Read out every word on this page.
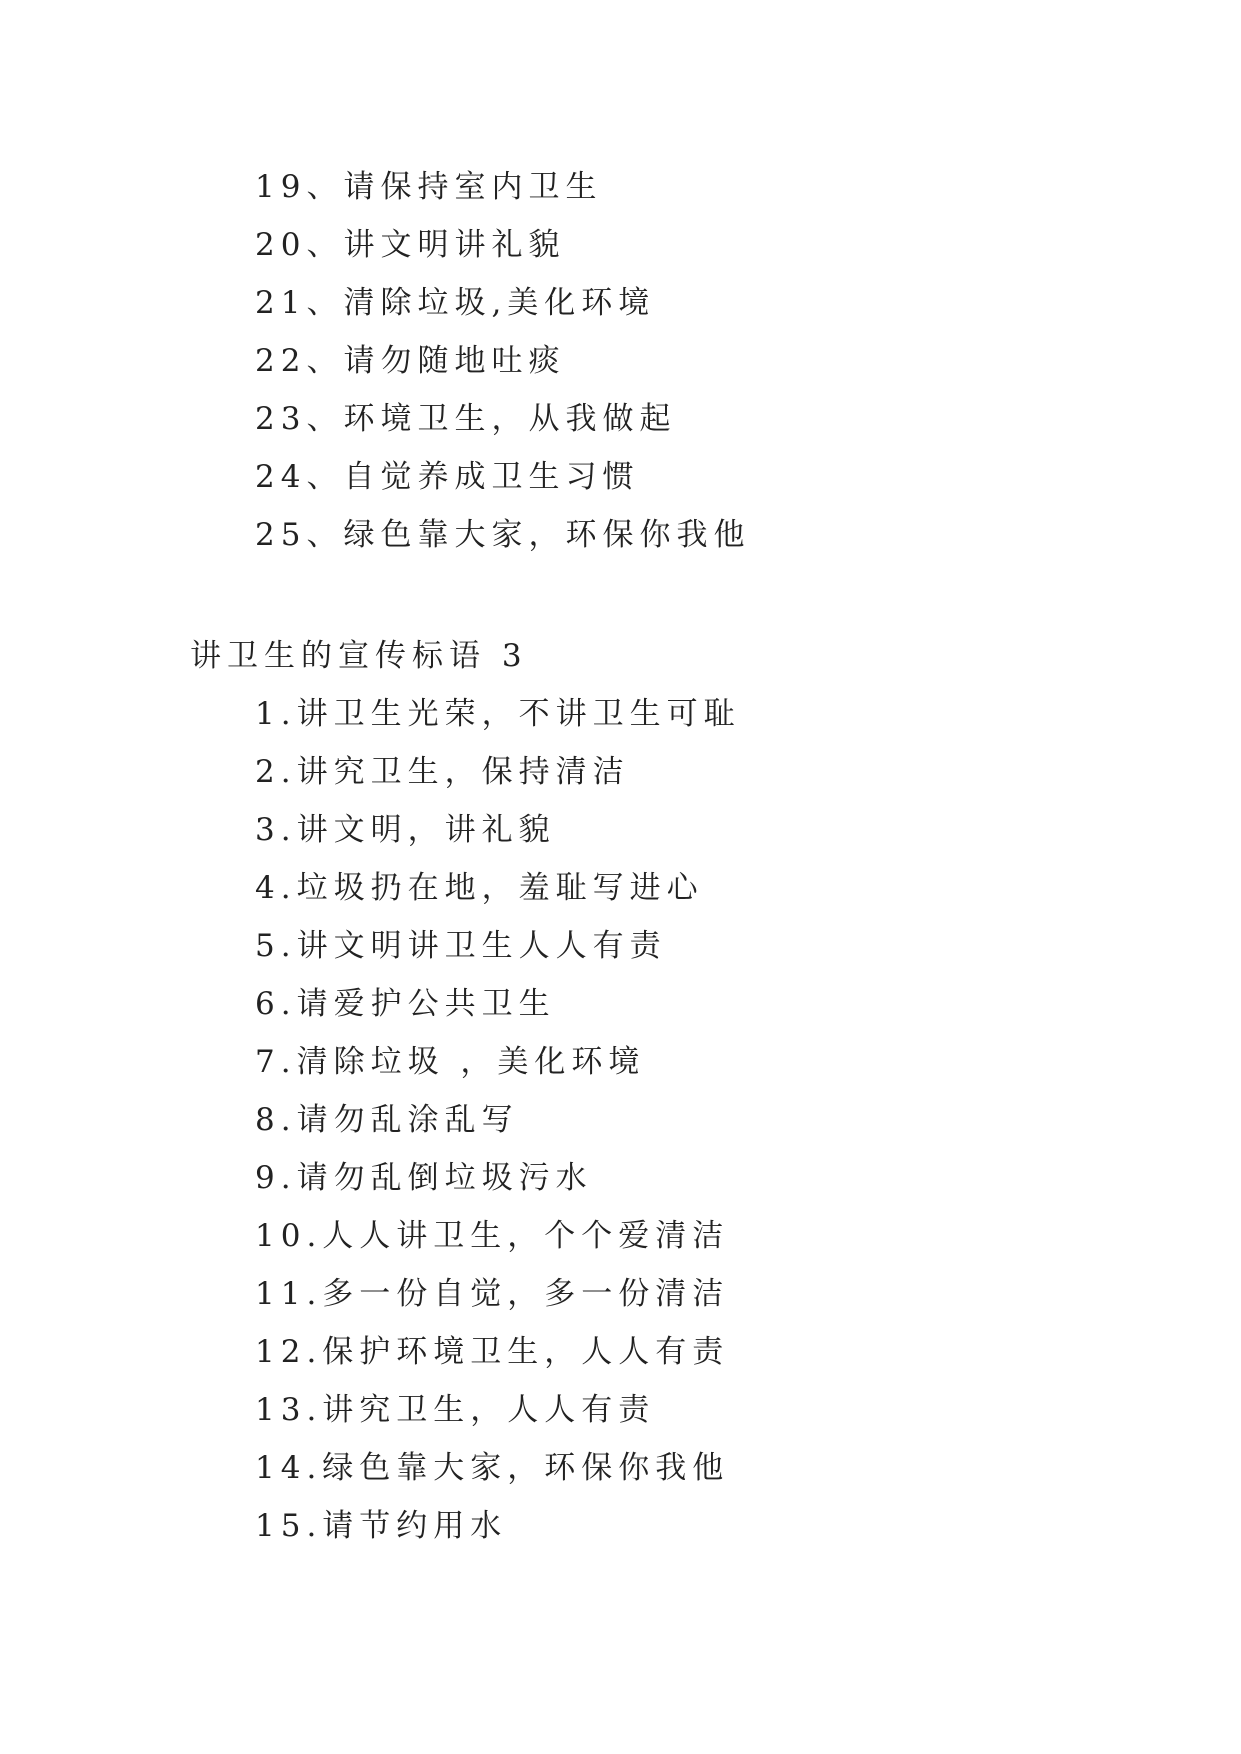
19、请保持室内卫生
20、讲文明讲礼貌
21、清除垃圾,美化环境
22、请勿随地吐痰
23、环境卫生，从我做起
24、自觉养成卫生习惯
25、绿色靠大家，环保你我他
讲卫生的宣传标语 3
1.讲卫生光荣，不讲卫生可耻
2.讲究卫生，保持清洁
3.讲文明，讲礼貌
4.垃圾扔在地，羞耻写进心
5.讲文明讲卫生人人有责
6.请爱护公共卫生
7.清除垃圾 ，美化环境
8.请勿乱涂乱写
9.请勿乱倒垃圾污水
10.人人讲卫生，个个爱清洁
11.多一份自觉，多一份清洁
12.保护环境卫生，人人有责
13.讲究卫生，人人有责
14.绿色靠大家，环保你我他
15.请节约用水
